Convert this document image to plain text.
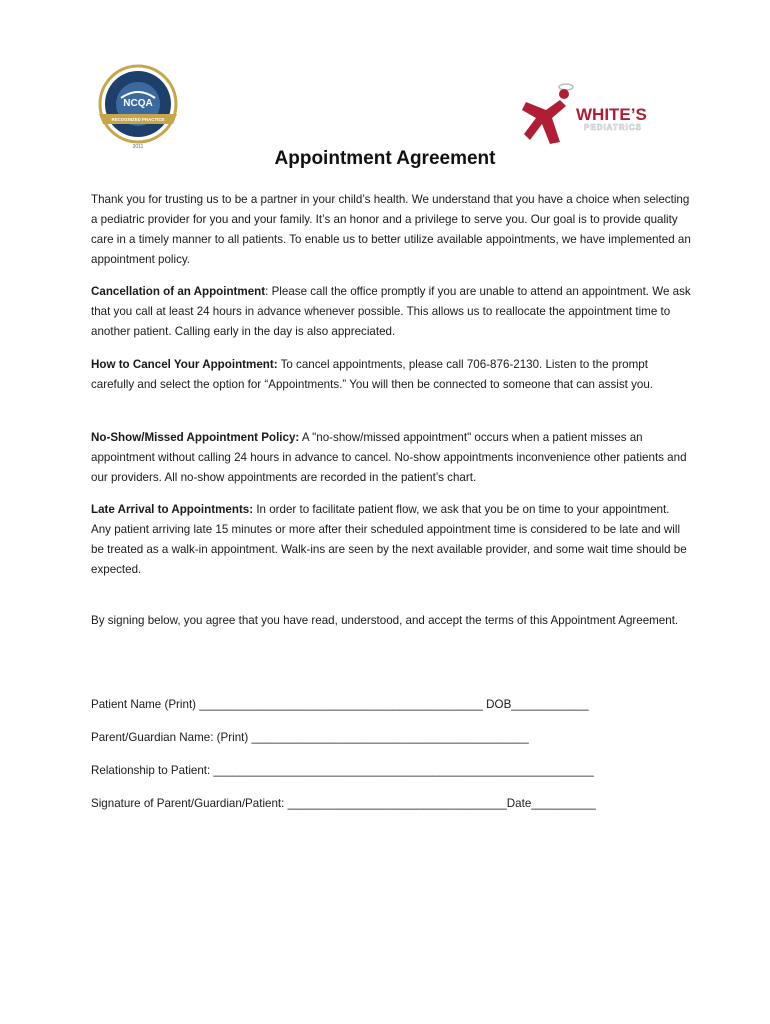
NCQA
RECOGNIZED PRACTICE
2011
WHITE’S
PEDIATRICS
Appointment Agreement

Thank you for trusting us to be a partner in your child’s health. We understand that you have a choice when selecting a pediatric provider for you and your family. It’s an honor and a privilege to serve you. Our goal is to provide quality care in a timely manner to all patients. To enable us to better utilize available appointments, we have implemented an appointment policy.

Cancellation of an Appointment: Please call the office promptly if you are unable to attend an appointment. We ask that you call at least 24 hours in advance whenever possible. This allows us to reallocate the appointment time to another patient. Calling early in the day is also appreciated.

How to Cancel Your Appointment: To cancel appointments, please call 706-876-2130. Listen to the prompt carefully and select the option for “Appointments.” You will then be connected to someone that can assist you.

No-Show/Missed Appointment Policy: A "no-show/missed appointment" occurs when a patient misses an appointment without calling 24 hours in advance to cancel. No-show appointments inconvenience other patients and our providers. All no-show appointments are recorded in the patient’s chart.

Late Arrival to Appointments: In order to facilitate patient flow, we ask that you be on time to your appointment. Any patient arriving late 15 minutes or more after their scheduled appointment time is considered to be late and will be treated as a walk-in appointment. Walk-ins are seen by the next available provider, and some wait time should be expected.

By signing below, you agree that you have read, understood, and accept the terms of this Appointment Agreement.

Patient Name (Print) ____________________________________________ DOB____________
Parent/Guardian Name: (Print) ___________________________________________
Relationship to Patient: ___________________________________________________________
Signature of Parent/Guardian/Patient: __________________________________Date__________
